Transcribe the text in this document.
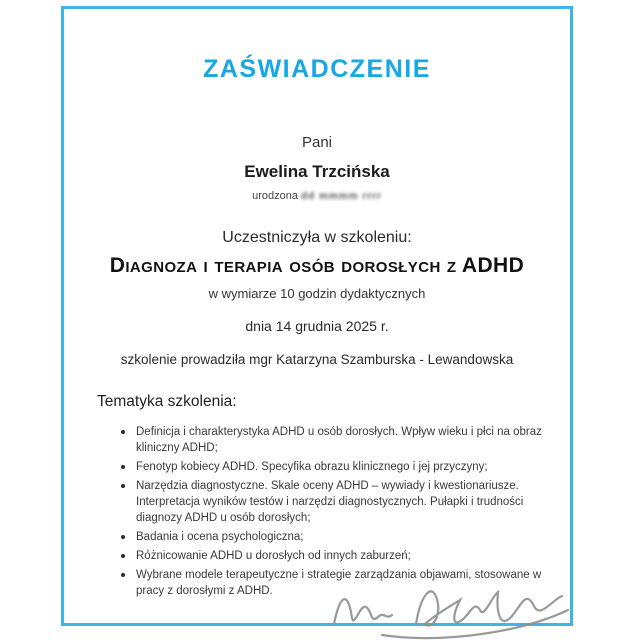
ZAŚWIADCZENIE
Pani
Ewelina Trzcińska
urodzona dd mmmm rrrr
Uczestniczyła w szkoleniu:
Diagnoza i terapia osób dorosłych z ADHD
w wymiarze 10 godzin dydaktycznych
dnia 14 grudnia 2025 r.
szkolenie prowadziła mgr Katarzyna Szamburska - Lewandowska
Tematyka szkolenia:
Definicja i charakterystyka ADHD u osób dorosłych. Wpływ wieku i płci na obraz kliniczny ADHD;
Fenotyp kobiecy ADHD. Specyfika obrazu klinicznego i jej przyczyny;
Narzędzia diagnostyczne. Skale oceny ADHD – wywiady i kwestionariusze. Interpretacja wyników testów i narzędzi diagnostycznych. Pułapki i trudności diagnozy ADHD u osób dorosłych;
Badania i ocena psychologiczna;
Różnicowanie ADHD u dorosłych od innych zaburzeń;
Wybrane modele terapeutyczne i strategie zarządzania objawami, stosowane w pracy z dorosłymi z ADHD.
